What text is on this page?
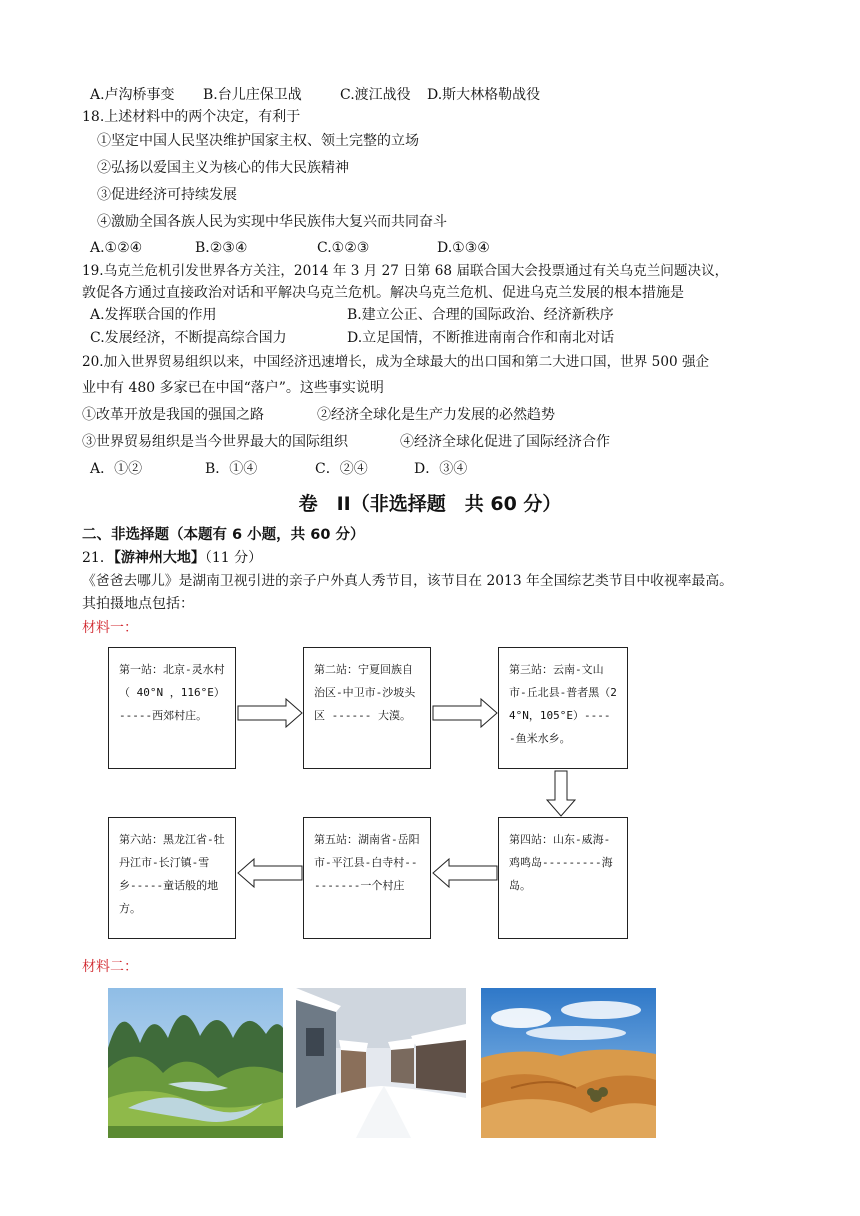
A.卢沟桥事变 B.台儿庄保卫战	C.渡江战役 D.斯大林格勒战役
18.上述材料中的两个决定，有利于
①坚定中国人民坚决维护国家主权、领土完整的立场
②弘扬以爱国主义为核心的伟大民族精神
③促进经济可持续发展
④激励全国各族人民为实现中华民族伟大复兴而共同奋斗
A.①②④	B.②③④	C.①②③	D.①③④
19.乌克兰危机引发世界各方关注，2014 年 3 月 27 日第 68 届联合国大会投票通过有关乌克兰问题决议，
敦促各方通过直接政治对话和平解决乌克兰危机。解决乌克兰危机、促进乌克兰发展的根本措施是
A.发挥联合国的作用	B.建立公正、合理的国际政治、经济新秩序
C.发展经济，不断提高综合国力	D.立足国情，不断推进南南合作和南北对话
20.加入世界贸易组织以来，中国经济迅速增长，成为全球最大的出口国和第二大进口国，世界 500 强企
业中有 480 多家已在中国“落户”。这些事实说明
①改革开放是我国的强国之路	②经济全球化是生产力发展的必然趋势
③世界贸易组织是当今世界最大的国际组织	④经济全球化促进了国际经济合作
A．①②	B．①④	C．②④	D．③④
卷　II（非选择题　共 60 分）
二、非选择题（本题有 6 小题，共 60 分）
21．【游神州大地】（11 分）
《爸爸去哪儿》是湖南卫视引进的亲子户外真人秀节目，该节目在 2013 年全国综艺类节目中收视率最高。
其拍摄地点包括：
材料一：
第一站：北京-灵水村 （ 40°N ，116°E）-----西郊村庄。
第二站：宁夏回族自治区-中卫市-沙坡头区 ------ 大漠。
第三站：云南-文山市-丘北县-普者黑（24°N，105°E）-----鱼米水乡。
第四站：山东-威海-鸡鸣岛---------海岛。
第五站：湖南省-岳阳市-平江县-白寺村---------一个村庄
第六站：黑龙江省-牡丹江市-长汀镇-雪乡-----童话般的地方。
材料二：
